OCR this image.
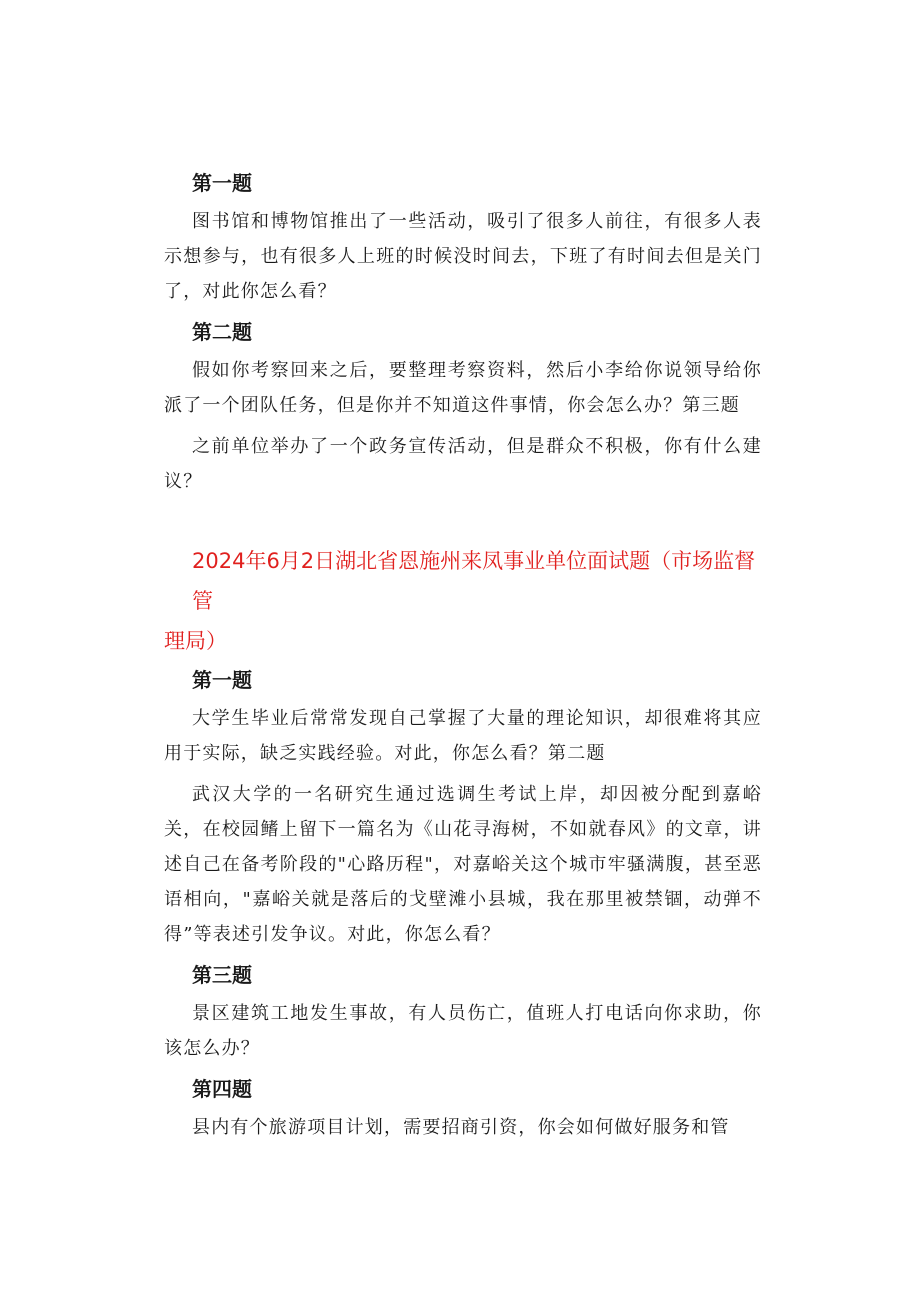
第一题

图书馆和博物馆推出了一些活动，吸引了很多人前往，有很多人表示想参与，也有很多人上班的时候没时间去，下班了有时间去但是关门了，对此你怎么看？

第二题

假如你考察回来之后，要整理考察资料，然后小李给你说领导给你派了一个团队任务，但是你并不知道这件事情，你会怎么办？第三题

之前单位举办了一个政务宣传活动，但是群众不积极，你有什么建议？

2024年6月2日湖北省恩施州来凤事业单位面试题（市场监督管
理局）

第一题

大学生毕业后常常发现自己掌握了大量的理论知识，却很难将其应用于实际，缺乏实践经验。对此，你怎么看？第二题

武汉大学的一名研究生通过选调生考试上岸，却因被分配到嘉峪关，在校园鳍上留下一篇名为《山花寻海树，不如就春风》的文章，讲述自己在备考阶段的"心路历程"，对嘉峪关这个城市牢骚满腹，甚至恶语相向，"嘉峪关就是落后的戈壁滩小县城，我在那里被禁锢，动弹不得”等表述引发争议。对此，你怎么看？

第三题

景区建筑工地发生事故，有人员伤亡，值班人打电话向你求助，你该怎么办？

第四题

县内有个旅游项目计划，需要招商引资，你会如何做好服务和管
